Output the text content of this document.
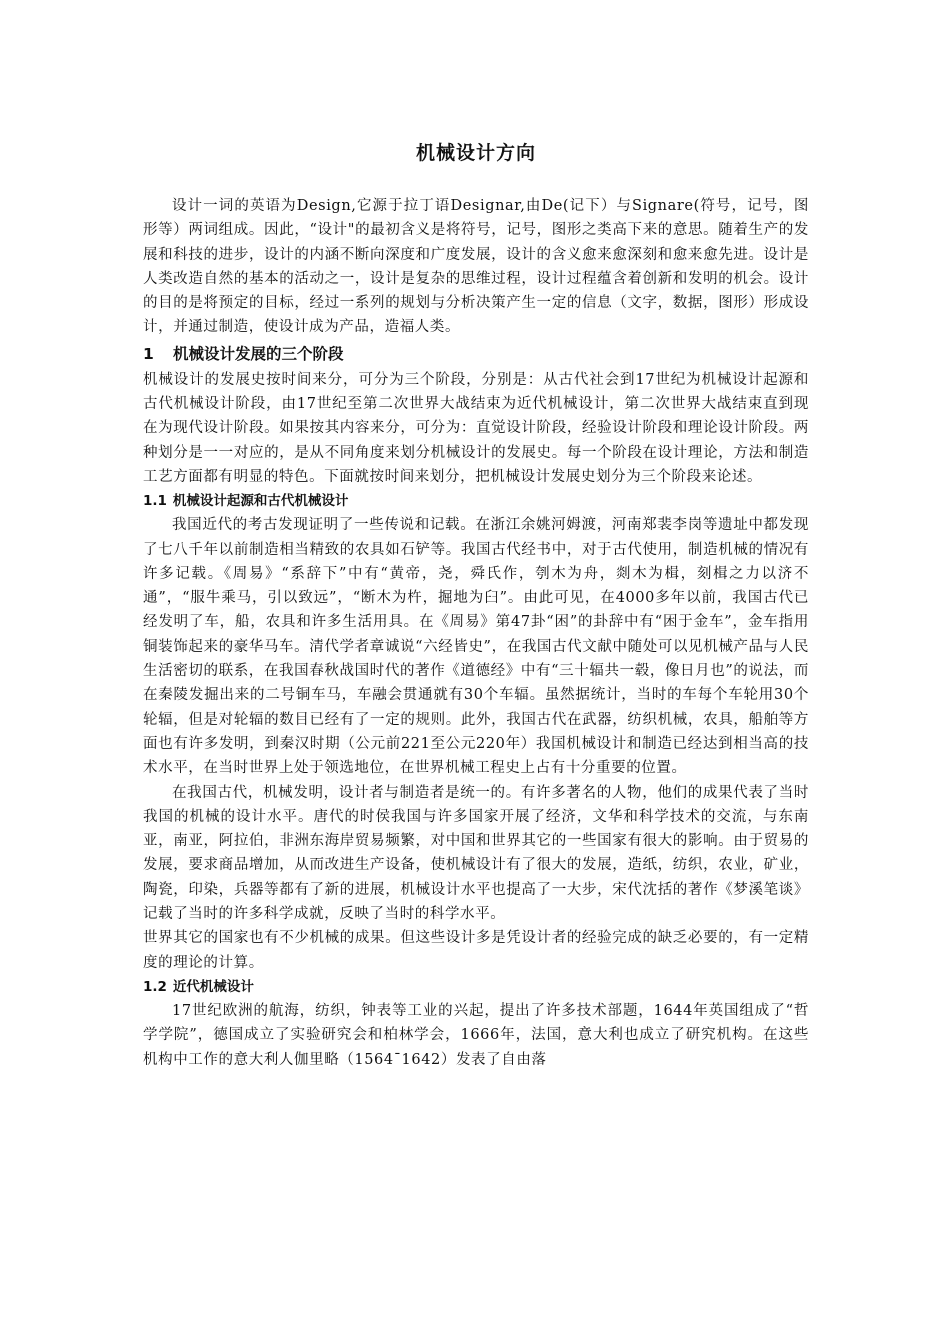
机械设计方向

设计一词的英语为Design,它源于拉丁语Designar,由De(记下）与Signare(符号，记号，图形等）两词组成。因此，“设计"的最初含义是将符号，记号，图形之类高下来的意思。随着生产的发展和科技的进步，设计的内涵不断向深度和广度发展，设计的含义愈来愈深刻和愈来愈先进。设计是人类改造自然的基本的活动之一，设计是复杂的思维过程，设计过程蕴含着创新和发明的机会。设计的目的是将预定的目标，经过一系列的规划与分析决策产生一定的信息（文字，数据，图形）形成设计，并通过制造，使设计成为产品，造福人类。

1 机械设计发展的三个阶段

机械设计的发展史按时间来分，可分为三个阶段，分别是：从古代社会到17世纪为机械设计起源和古代机械设计阶段，由17世纪至第二次世界大战结束为近代机械设计，第二次世界大战结束直到现在为现代设计阶段。如果按其内容来分，可分为：直觉设计阶段，经验设计阶段和理论设计阶段。两种划分是一一对应的，是从不同角度来划分机械设计的发展史。每一个阶段在设计理论，方法和制造工艺方面都有明显的特色。下面就按时间来划分，把机械设计发展史划分为三个阶段来论述。

1.1 机械设计起源和古代机械设计

我国近代的考古发现证明了一些传说和记载。在浙江余姚河姆渡，河南郑裴李岗等遗址中都发现了七八千年以前制造相当精致的农具如石铲等。我国古代经书中，对于古代使用，制造机械的情况有许多记载。《周易》“系辞下”中有“黄帝，尧，舜氏作，刳木为舟，剡木为楫，刻楫之力以济不通”，“服牛乘马，引以致远”，“断木为杵，掘地为臼”。由此可见，在4000多年以前，我国古代已经发明了车，船，农具和许多生活用具。在《周易》第47卦“困”的卦辞中有“困于金车”，金车指用铜装饰起来的豪华马车。清代学者章诚说“六经皆史”，在我国古代文献中随处可以见机械产品与人民生活密切的联系，在我国春秋战国时代的著作《道德经》中有“三十辐共一毂，像日月也”的说法，而在秦陵发掘出来的二号铜车马，车融会贯通就有30个车辐。虽然据统计，当时的车每个车轮用30个轮辐，但是对轮辐的数目已经有了一定的规则。此外，我国古代在武器，纺织机械，农具，船舶等方面也有许多发明，到秦汉时期（公元前221至公元220年）我国机械设计和制造已经达到相当高的技术水平，在当时世界上处于领选地位，在世界机械工程史上占有十分重要的位置。

在我国古代，机械发明，设计者与制造者是统一的。有许多著名的人物，他们的成果代表了当时我国的机械的设计水平。唐代的时侯我国与许多国家开展了经济，文华和科学技术的交流，与东南亚，南亚，阿拉伯，非洲东海岸贸易频繁，对中国和世界其它的一些国家有很大的影响。由于贸易的发展，要求商品增加，从而改进生产设备，使机械设计有了很大的发展，造纸，纺织，农业，矿业，陶瓷，印染，兵器等都有了新的进展，机械设计水平也提高了一大步，宋代沈括的著作《梦溪笔谈》记载了当时的许多科学成就，反映了当时的科学水平。

世界其它的国家也有不少机械的成果。但这些设计多是凭设计者的经验完成的缺乏必要的，有一定精度的理论的计算。

1.2 近代机械设计

17世纪欧洲的航海，纺织，钟表等工业的兴起，提出了许多技术部题，1644年英国组成了“哲学学院”，德国成立了实验研究会和柏林学会，1666年，法国，意大利也成立了研究机构。在这些机构中工作的意大利人伽里略（1564¯1642）发表了自由落
